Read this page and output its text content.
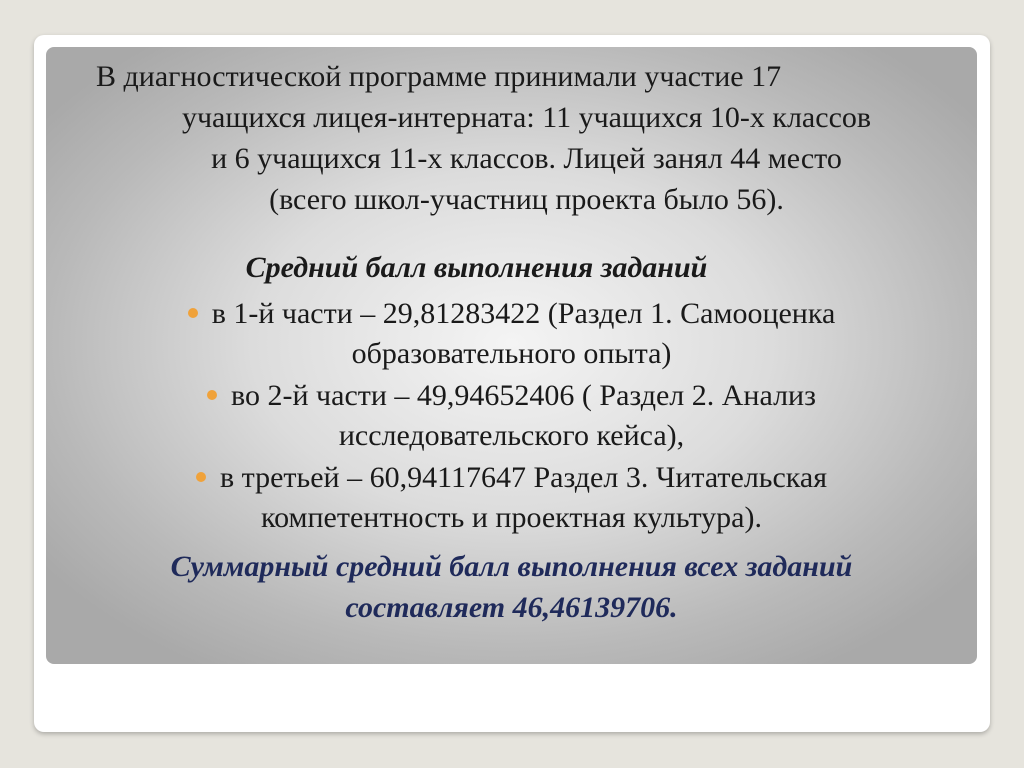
В диагностической программе принимали участие 17
учащихся лицея-интерната: 11 учащихся 10-х классов
и 6 учащихся 11-х классов. Лицей занял 44 место
(всего школ-участниц проекта было 56).

Средний балл выполнения заданий
в 1-й части – 29,81283422 (Раздел 1. Самооценка
образовательного опыта)
во 2-й части – 49,94652406 ( Раздел 2. Анализ
исследовательского кейса),
в третьей – 60,94117647 Раздел 3. Читательская
компетентность и проектная культура).
Суммарный средний балл выполнения всех заданий
составляет 46,46139706.
